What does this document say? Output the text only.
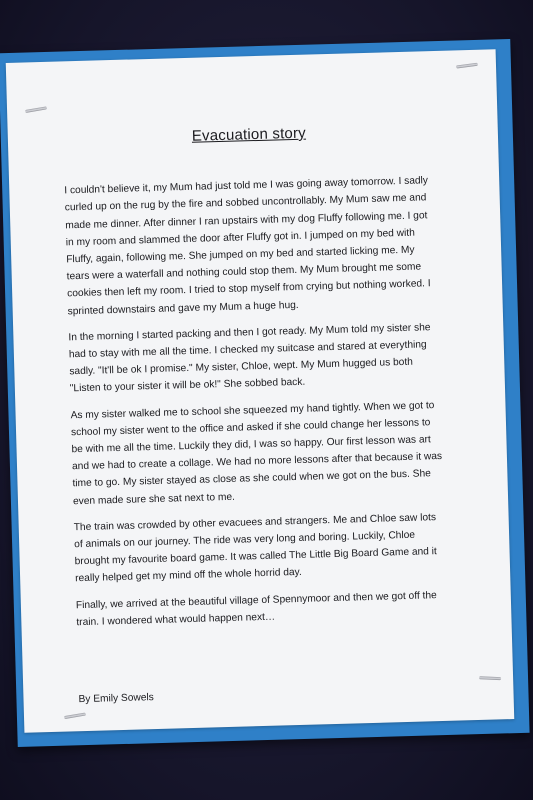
Evacuation story

I couldn't believe it, my Mum had just told me I was going away tomorrow. I sadly curled up on the rug by the fire and sobbed uncontrollably. My Mum saw me and made me dinner. After dinner I ran upstairs with my dog Fluffy following me. I got in my room and slammed the door after Fluffy got in. I jumped on my bed with Fluffy, again, following me. She jumped on my bed and started licking me. My tears were a waterfall and nothing could stop them. My Mum brought me some cookies then left my room. I tried to stop myself from crying but nothing worked. I sprinted downstairs and gave my Mum a huge hug.

In the morning I started packing and then I got ready. My Mum told my sister she had to stay with me all the time. I checked my suitcase and stared at everything sadly. "It'll be ok I promise." My sister, Chloe, wept. My Mum hugged us both "Listen to your sister it will be ok!" She sobbed back.

As my sister walked me to school she squeezed my hand tightly. When we got to school my sister went to the office and asked if she could change her lessons to be with me all the time. Luckily they did, I was so happy. Our first lesson was art and we had to create a collage. We had no more lessons after that because it was time to go. My sister stayed as close as she could when we got on the bus. She even made sure she sat next to me.

The train was crowded by other evacuees and strangers. Me and Chloe saw lots of animals on our journey. The ride was very long and boring. Luckily, Chloe brought my favourite board game. It was called The Little Big Board Game and it really helped get my mind off the whole horrid day.

Finally, we arrived at the beautiful village of Spennymoor and then we got off the train. I wondered what would happen next…

By Emily Sowels
